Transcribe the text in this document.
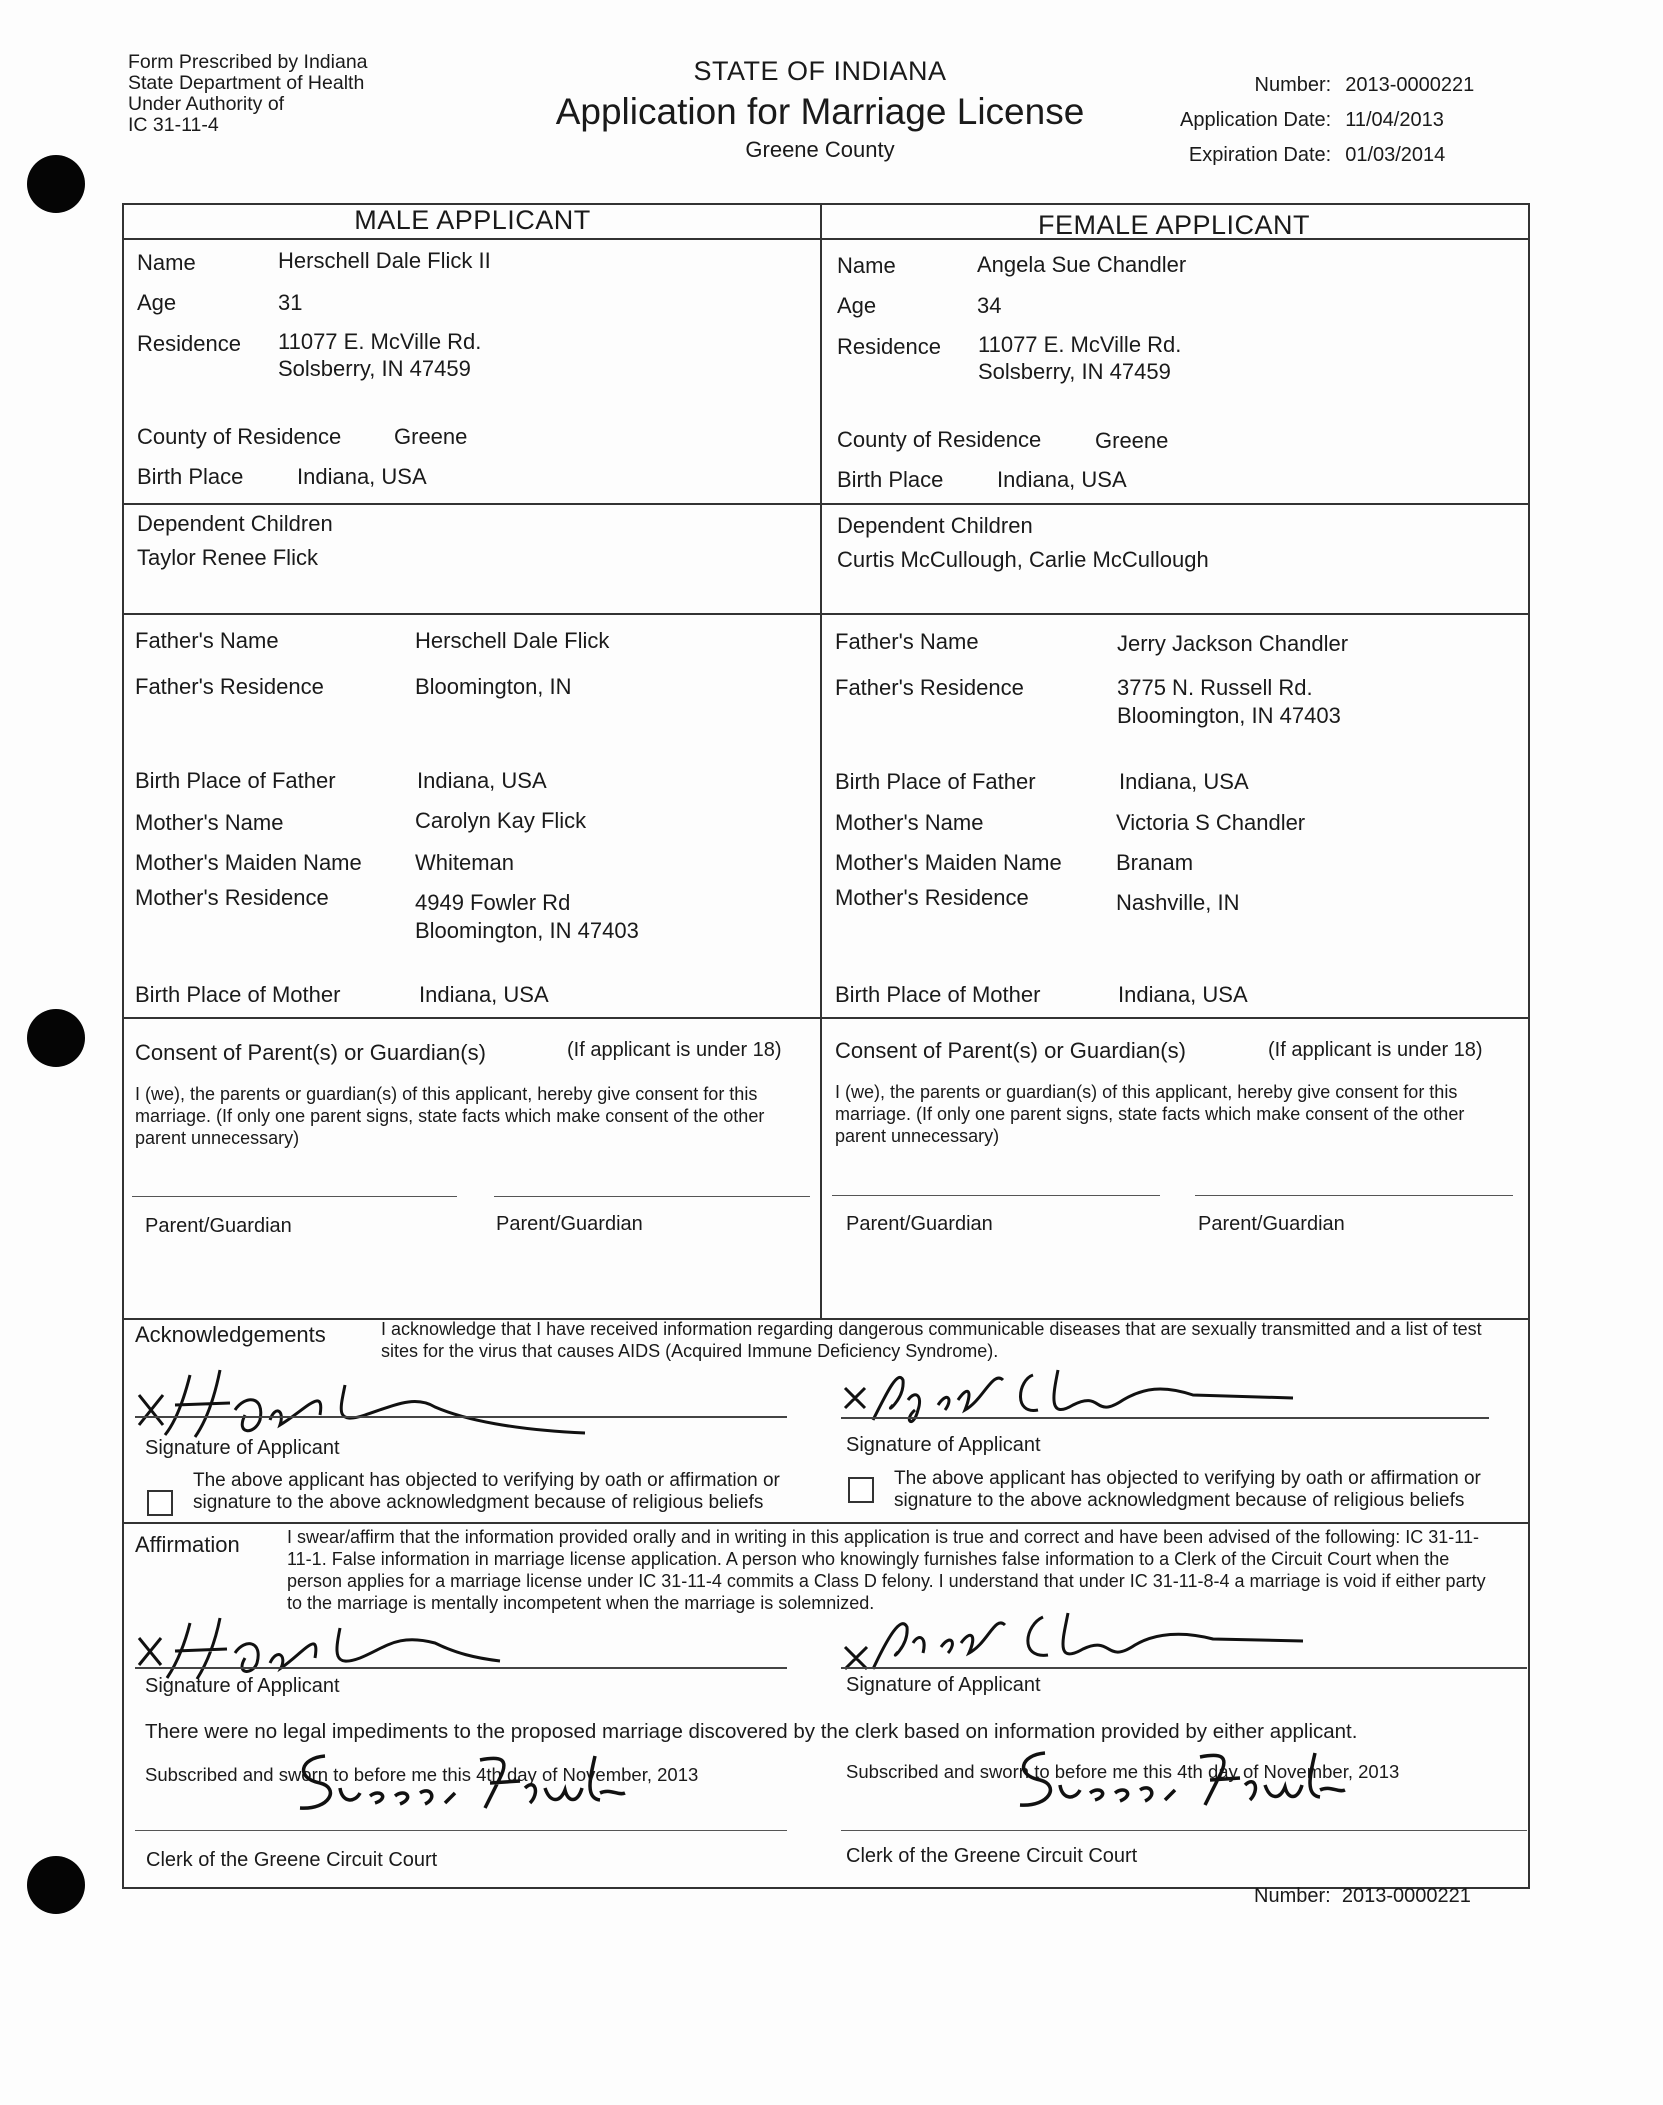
Form Prescribed by Indiana
State Department of Health
Under Authority of
IC 31-11-4
STATE OF INDIANA
Application for Marriage License
Greene County
Number: 2013-0000221
Application Date: 11/04/2013
Expiration Date: 01/03/2014
MALE APPLICANT	FEMALE APPLICANT
Name	Herschell Dale Flick II
Age	31
Residence 11077 E. McVille Rd.
Solsberry, IN 47459
County of Residence Greene
Birth Place Indiana, USA
Dependent Children
Taylor Renee Flick
Father's Name	Herschell Dale Flick
Father's Residence	Bloomington, IN
Birth Place of Father	Indiana, USA
Mother's Name	Carolyn Kay Flick
Mother's Maiden Name Whiteman
Mother's Residence	4949 Fowler Rd
Bloomington, IN 47403
Birth Place of Mother	Indiana, USA
Name	Angela Sue Chandler
Age	34
Residence 11077 E. McVille Rd.
Solsberry, IN 47459
County of Residence Greene
Birth Place Indiana, USA
Dependent Children
Curtis McCullough, Carlie McCullough
Father's Name	Jerry Jackson Chandler
Father's Residence	3775 N. Russell Rd.
Bloomington, IN 47403
Birth Place of Father	Indiana, USA
Mother's Name	Victoria S Chandler
Mother's Maiden Name Branam
Mother's Residence	Nashville, IN
Birth Place of Mother	Indiana, USA
Consent of Parent(s) or Guardian(s)	(If applicant is under 18)
I (we), the parents or guardian(s) of this applicant, hereby give consent for this marriage. (If only one parent signs, state facts which make consent of the other parent unnecessary)
Parent/Guardian	Parent/Guardian
Consent of Parent(s) or Guardian(s)	(If applicant is under 18)
I (we), the parents or guardian(s) of this applicant, hereby give consent for this marriage. (If only one parent signs, state facts which make consent of the other parent unnecessary)
Parent/Guardian	Parent/Guardian
Acknowledgements	I acknowledge that I have received information regarding dangerous communicable diseases that are sexually transmitted and a list of test sites for the virus that causes AIDS (Acquired Immune Deficiency Syndrome).
Signature of Applicant
The above applicant has objected to verifying by oath or affirmation or signature to the above acknowledgment because of religious beliefs
Signature of Applicant
The above applicant has objected to verifying by oath or affirmation or signature to the above acknowledgment because of religious beliefs
Affirmation	I swear/affirm that the information provided orally and in writing in this application is true and correct and have been advised of the following: IC 31-11-11-1. False information in marriage license application. A person who knowingly furnishes false information to a Clerk of the Circuit Court when the person applies for a marriage license under IC 31-11-4 commits a Class D felony. I understand that under IC 31-11-8-4 a marriage is void if either party to the marriage is mentally incompetent when the marriage is solemnized.
Signature of Applicant	Signature of Applicant
There were no legal impediments to the proposed marriage discovered by the clerk based on information provided by either applicant.
Subscribed and sworn to before me this 4th day of November, 2013	Subscribed and sworn to before me this 4th day of November, 2013
Clerk of the Greene Circuit Court	Clerk of the Greene Circuit Court
Number: 2013-0000221
